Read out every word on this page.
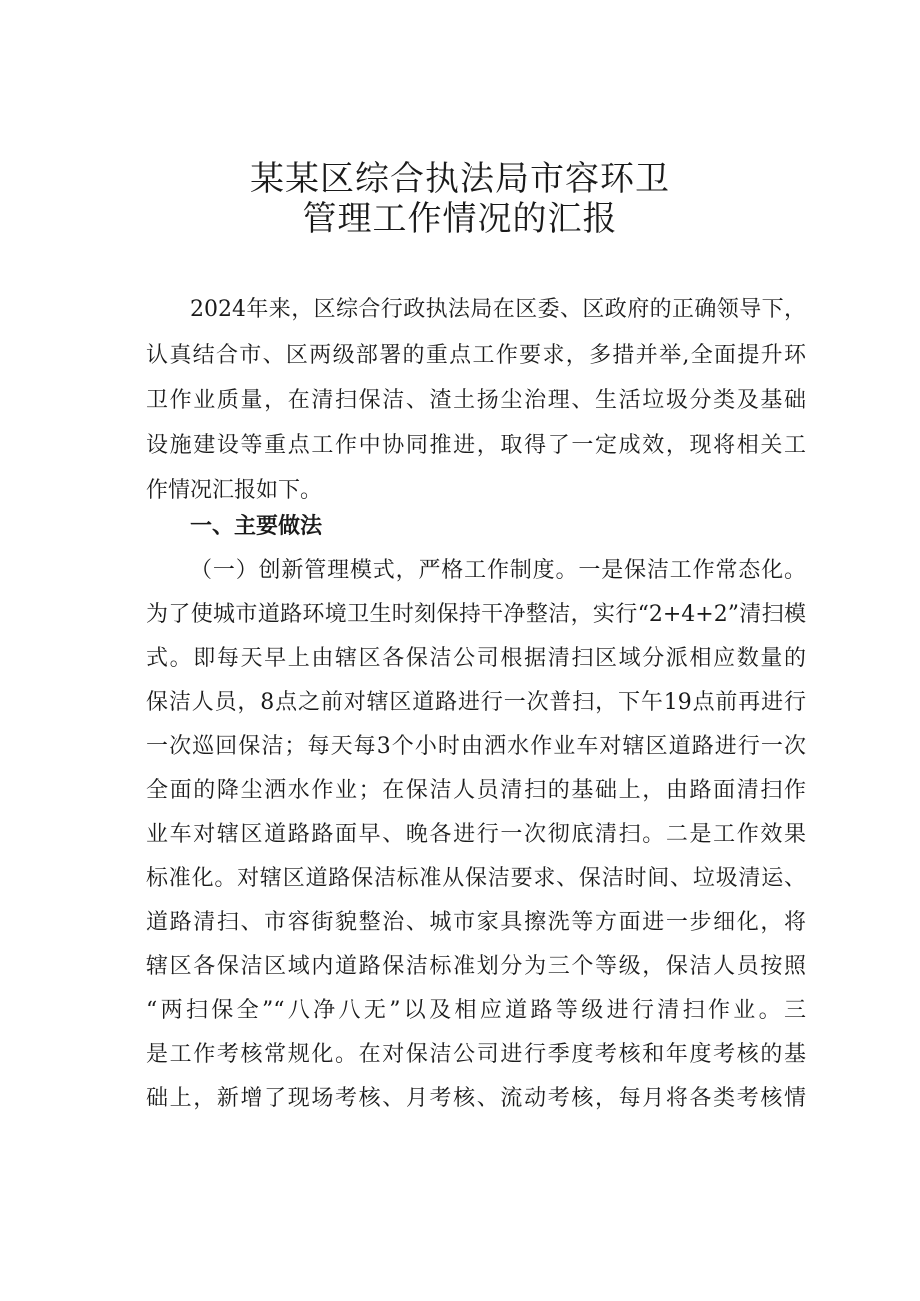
某某区综合执法局市容环卫
管理工作情况的汇报

2024年来，区综合行政执法局在区委、区政府的正确领导下，

认真结合市、区两级部署的重点工作要求，多措并举,全面提升环

卫作业质量，在清扫保洁、渣土扬尘治理、生活垃圾分类及基础

设施建设等重点工作中协同推进，取得了一定成效，现将相关工

作情况汇报如下。

一、主要做法

（一）创新管理模式，严格工作制度。一是保洁工作常态化。

为了使城市道路环境卫生时刻保持干净整洁，实行“2+4+2”清扫模

式。即每天早上由辖区各保洁公司根据清扫区域分派相应数量的

保洁人员，8点之前对辖区道路进行一次普扫，下午19点前再进行

一次巡回保洁；每天每3个小时由洒水作业车对辖区道路进行一次

全面的降尘洒水作业；在保洁人员清扫的基础上，由路面清扫作

业车对辖区道路路面早、晚各进行一次彻底清扫。二是工作效果

标准化。对辖区道路保洁标准从保洁要求、保洁时间、垃圾清运、

道路清扫、市容街貌整治、城市家具擦洗等方面进一步细化，将

辖区各保洁区域内道路保洁标准划分为三个等级，保洁人员按照

“两扫保全”“八净八无”以及相应道路等级进行清扫作业。三

是工作考核常规化。在对保洁公司进行季度考核和年度考核的基

础上，新增了现场考核、月考核、流动考核，每月将各类考核情
